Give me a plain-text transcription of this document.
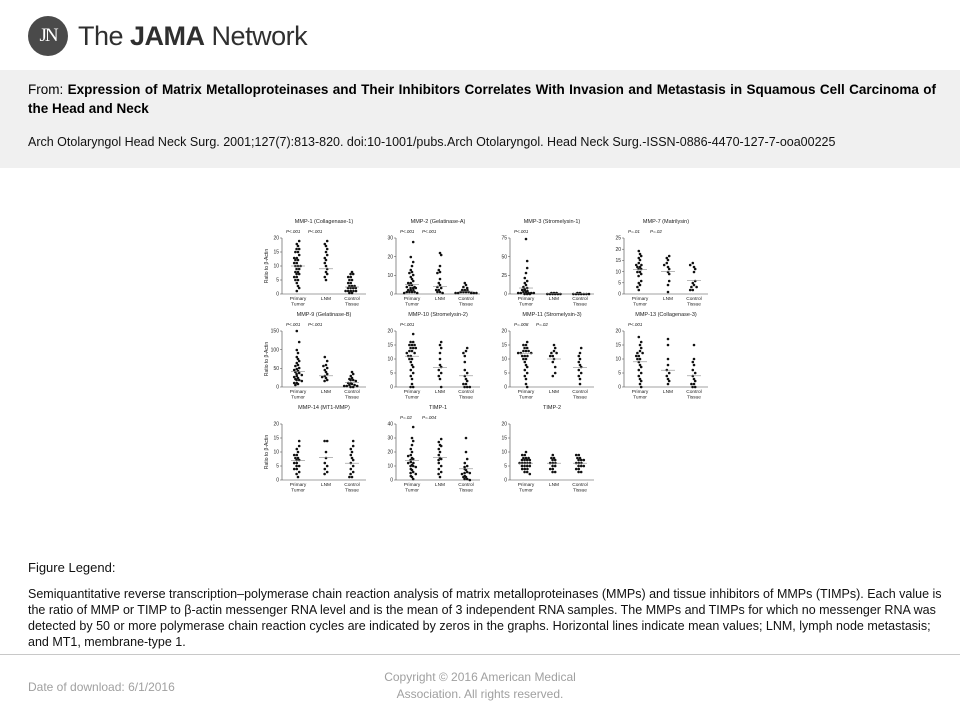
JN The JAMA Network
From: Expression of Matrix Metalloproteinases and Their Inhibitors Correlates With Invasion and Metastasis in Squamous Cell Carcinoma of the Head and Neck
Arch Otolaryngol Head Neck Surg. 2001;127(7):813-820. doi:10-1001/pubs.Arch Otolaryngol. Head Neck Surg.-ISSN-0886-4470-127-7-ooa00225
MMP-1 (Collagenase-1)
P<.001 P<.001
0
5
10
15
20
Ratio to β-Actin
Primary
Tumor
LNM	Control
Tissue
MMP-2 (Gelatinase-A)
P<.001 P<.001
0
10
20
30
Primary
Tumor
LNM	Control
Tissue
MMP-3 (Stromelysin-1)
P<.001
0
25
50
75
Primary
Tumor
LNM	Control
Tissue
MMP-7 (Matrilysin)
P=.01 P=.02
0
5
10
15
20
25
Primary
Tumor
LNM	Control
Tissue
MMP-9 (Gelatinase-B)
P<.001 P<.001
0
50
100
150
Ratio to β-Actin
Primary
Tumor
LNM	Control
Tissue
MMP-10 (Stromelysin-2)
P<.001
0
5
10
15
20
Primary
Tumor
LNM	Control
Tissue
MMP-11 (Stromelysin-3)
P=.008 P=.02
0
5
10
15
20
Primary
Tumor
LNM	Control
Tissue
MMP-13 (Collagenase-3)
P<.001
0
5
10
15
20
Primary
Tumor
LNM	Control
Tissue
MMP-14 (MT1-MMP)
0
5
10
15
20
Ratio to β-Actin
Primary
Tumor
LNM	Control
Tissue
TIMP-1
P=.02 P=.004
0
10
20
30
40
Primary
Tumor
LNM	Control
Tissue
TIMP-2
0
5
10
15
20
Primary
Tumor
LNM	Control
Tissue
Figure Legend:
Semiquantitative reverse transcription–polymerase chain reaction analysis of matrix metalloproteinases (MMPs) and tissue inhibitors of MMPs (TIMPs). Each value is the ratio of MMP or TIMP to β-actin messenger RNA level and is the mean of 3 independent RNA samples. The MMPs and TIMPs for which no messenger RNA was detected by 50 or more polymerase chain reaction cycles are indicated by zeros in the graphs. Horizontal lines indicate mean values; LNM, lymph node metastasis; and MT1, membrane-type 1.
Date of download: 6/1/2016
Copyright © 2016 American Medical Association. All rights reserved.
